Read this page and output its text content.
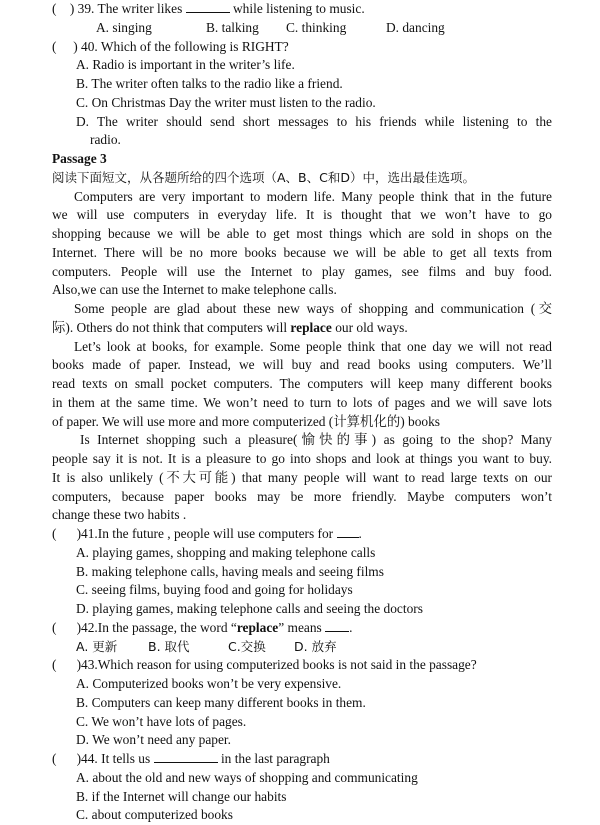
( ) 39. The writer likes	while listening to music.
A. singing	B. talking C. thinking	D. dancing
( ) 40. Which of the following is RIGHT?
A. Radio is important in the writer’s life.
B. The writer often talks to the radio like a friend.
C. On Christmas Day the writer must listen to the radio.
D. The writer should send short messages to his friends while listening to the
radio.
Passage 3
阅读下面短文，从各题所给的四个选项（A、B、C和D）中，选出最佳选项。
Computers are very important to modern life. Many people think that in the future
we will use computers in everyday life. It is thought that we won’t have to go
shopping because we will be able to get most things which are sold in shops on the
Internet. There will be no more books because we will be able to get all texts from
computers. People will use the Internet to play games, see films and buy food.
Also,we can use the Internet to make telephone calls.
Some people are glad about these new ways of shopping and communication (交
际). Others do not think that computers will replace our old ways.
Let’s look at books, for example. Some people think that one day we will not read
books made of paper. Instead, we will buy and read books using computers. We’ll
read texts on small pocket computers. The computers will keep many different books
in them at the same time. We won’t need to turn to lots of pages and we will save lots
of paper. We will use more and more computerized (计算机化的) books
Is Internet shopping such a pleasure(愉快的事) as going to the shop? Many
people say it is not. It is a pleasure to go into shops and look at things you want to buy.
It is also unlikely (不大可能) that many people will want to read large texts on our
computers, because paper books may be more friendly. Maybe computers won’t
change these two habits .
( )41.In the future , people will use computers for .
A. playing games, shopping and making telephone calls
B. making telephone calls, having meals and seeing films
C. seeing films, buying food and going for holidays
D. playing games, making telephone calls and seeing the doctors
( )42.In the passage, the word “replace” means .
A. 更新 B. 取代	C.交换 D. 放弃
( )43.Which reason for using computerized books is not said in the passage?
A. Computerized books won’t be very expensive.
B. Computers can keep many different books in them.
C. We won’t have lots of pages.
D. We won’t need any paper.
( )44. It tells us	in the last paragraph
A. about the old and new ways of shopping and communicating
B. if the Internet will change our habits
C. about computerized books
